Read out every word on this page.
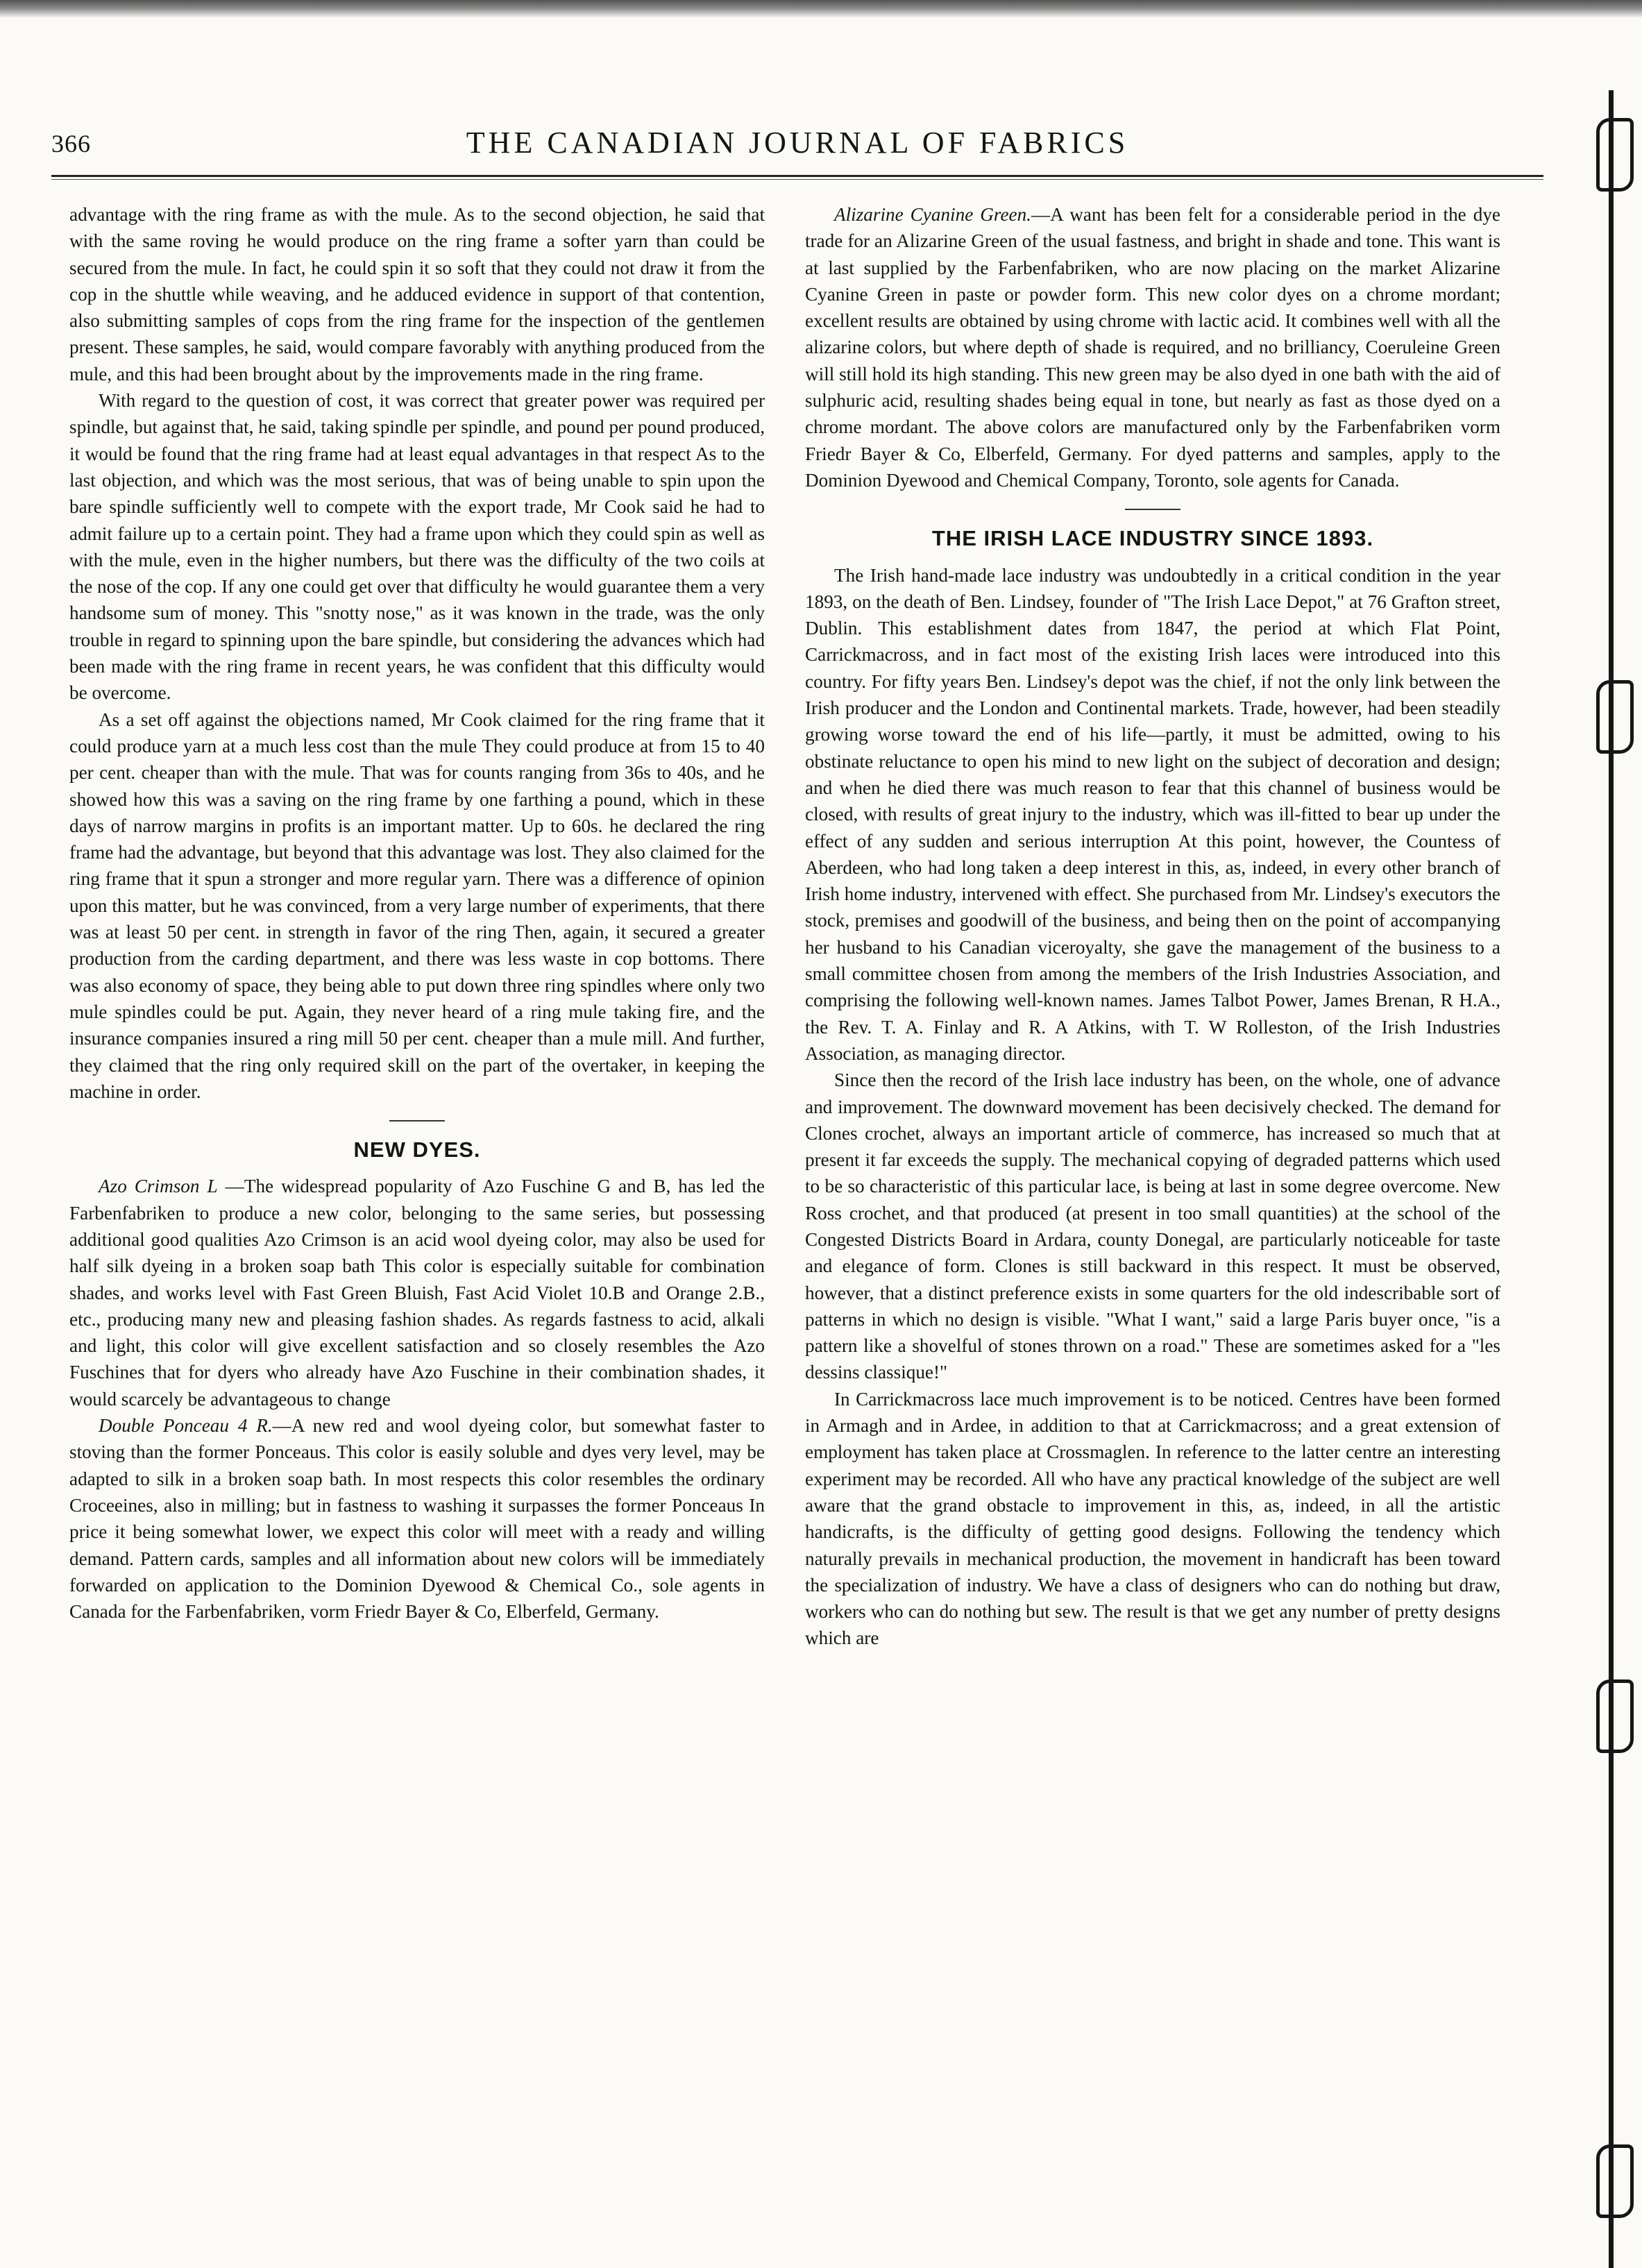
366	THE CANADIAN JOURNAL OF FABRICS

advantage with the ring frame as with the mule. As to the second objection, he said that with the same roving he would produce on the ring frame a softer yarn than could be secured from the mule. In fact, he could spin it so soft that they could not draw it from the cop in the shuttle while weaving, and he adduced evidence in support of that contention, also submitting samples of cops from the ring frame for the inspection of the gentlemen present. These samples, he said, would compare favorably with anything produced from the mule, and this had been brought about by the improvements made in the ring frame.

With regard to the question of cost, it was correct that greater power was required per spindle, but against that, he said, taking spindle per spindle, and pound per pound produced, it would be found that the ring frame had at least equal advantages in that respect As to the last objection, and which was the most serious, that was of being unable to spin upon the bare spindle sufficiently well to compete with the export trade, Mr Cook said he had to admit failure up to a certain point. They had a frame upon which they could spin as well as with the mule, even in the higher numbers, but there was the difficulty of the two coils at the nose of the cop. If any one could get over that difficulty he would guarantee them a very handsome sum of money. This "snotty nose," as it was known in the trade, was the only trouble in regard to spinning upon the bare spindle, but considering the advances which had been made with the ring frame in recent years, he was confident that this difficulty would be overcome.

As a set off against the objections named, Mr Cook claimed for the ring frame that it could produce yarn at a much less cost than the mule They could produce at from 15 to 40 per cent. cheaper than with the mule. That was for counts ranging from 36s to 40s, and he showed how this was a saving on the ring frame by one farthing a pound, which in these days of narrow margins in profits is an important matter. Up to 60s. he declared the ring frame had the advantage, but beyond that this advantage was lost. They also claimed for the ring frame that it spun a stronger and more regular yarn. There was a difference of opinion upon this matter, but he was convinced, from a very large number of experiments, that there was at least 50 per cent. in strength in favor of the ring Then, again, it secured a greater production from the carding department, and there was less waste in cop bottoms. There was also economy of space, they being able to put down three ring spindles where only two mule spindles could be put. Again, they never heard of a ring mule taking fire, and the insurance companies insured a ring mill 50 per cent. cheaper than a mule mill. And further, they claimed that the ring only required skill on the part of the overtaker, in keeping the machine in order.

NEW DYES.

Azo Crimson L —The widespread popularity of Azo Fuschine G and B, has led the Farbenfabriken to produce a new color, belonging to the same series, but possessing additional good qualities Azo Crimson is an acid wool dyeing color, may also be used for half silk dyeing in a broken soap bath This color is especially suitable for combination shades, and works level with Fast Green Bluish, Fast Acid Violet 10.B and Orange 2.B., etc., producing many new and pleasing fashion shades. As regards fastness to acid, alkali and light, this color will give excellent satisfaction and so closely resembles the Azo Fuschines that for dyers who already have Azo Fuschine in their combination shades, it would scarcely be advantageous to change

Double Ponceau 4 R.—A new red and wool dyeing color, but somewhat faster to stoving than the former Ponceaus. This color is easily soluble and dyes very level, may be adapted to silk in a broken soap bath. In most respects this color resembles the ordinary Croceeines, also in milling; but in fastness to washing it surpasses the former Ponceaus In price it being somewhat lower, we expect this color will meet with a ready and willing demand. Pattern cards, samples and all information about new colors will be immediately forwarded on application to the Dominion Dyewood & Chemical Co., sole agents in Canada for the Farbenfabriken, vorm Friedr Bayer & Co, Elberfeld, Germany.

Alizarine Cyanine Green.—A want has been felt for a considerable period in the dye trade for an Alizarine Green of the usual fastness, and bright in shade and tone. This want is at last supplied by the Farbenfabriken, who are now placing on the market Alizarine Cyanine Green in paste or powder form. This new color dyes on a chrome mordant; excellent results are obtained by using chrome with lactic acid. It combines well with all the alizarine colors, but where depth of shade is required, and no brilliancy, Coeruleine Green will still hold its high standing. This new green may be also dyed in one bath with the aid of sulphuric acid, resulting shades being equal in tone, but nearly as fast as those dyed on a chrome mordant. The above colors are manufactured only by the Farbenfabriken vorm Friedr Bayer & Co, Elberfeld, Germany. For dyed patterns and samples, apply to the Dominion Dyewood and Chemical Company, Toronto, sole agents for Canada.

THE IRISH LACE INDUSTRY SINCE 1893.

The Irish hand-made lace industry was undoubtedly in a critical condition in the year 1893, on the death of Ben. Lindsey, founder of "The Irish Lace Depot," at 76 Grafton street, Dublin. This establishment dates from 1847, the period at which Flat Point, Carrickmacross, and in fact most of the existing Irish laces were introduced into this country. For fifty years Ben. Lindsey's depot was the chief, if not the only link between the Irish producer and the London and Continental markets. Trade, however, had been steadily growing worse toward the end of his life—partly, it must be admitted, owing to his obstinate reluctance to open his mind to new light on the subject of decoration and design; and when he died there was much reason to fear that this channel of business would be closed, with results of great injury to the industry, which was ill-fitted to bear up under the effect of any sudden and serious interruption At this point, however, the Countess of Aberdeen, who had long taken a deep interest in this, as, indeed, in every other branch of Irish home industry, intervened with effect. She purchased from Mr. Lindsey's executors the stock, premises and goodwill of the business, and being then on the point of accompanying her husband to his Canadian viceroyalty, she gave the management of the business to a small committee chosen from among the members of the Irish Industries Association, and comprising the following well-known names. James Talbot Power, James Brenan, R H.A., the Rev. T. A. Finlay and R. A Atkins, with T. W Rolleston, of the Irish Industries Association, as managing director.

Since then the record of the Irish lace industry has been, on the whole, one of advance and improvement. The downward movement has been decisively checked. The demand for Clones crochet, always an important article of commerce, has increased so much that at present it far exceeds the supply. The mechanical copying of degraded patterns which used to be so characteristic of this particular lace, is being at last in some degree overcome. New Ross crochet, and that produced (at present in too small quantities) at the school of the Congested Districts Board in Ardara, county Donegal, are particularly noticeable for taste and elegance of form. Clones is still backward in this respect. It must be observed, however, that a distinct preference exists in some quarters for the old indescribable sort of patterns in which no design is visible. "What I want," said a large Paris buyer once, "is a pattern like a shovelful of stones thrown on a road." These are sometimes asked for a "les dessins classique!"

In Carrickmacross lace much improvement is to be noticed. Centres have been formed in Armagh and in Ardee, in addition to that at Carrickmacross; and a great extension of employment has taken place at Crossmaglen. In reference to the latter centre an interesting experiment may be recorded. All who have any practical knowledge of the subject are well aware that the grand obstacle to improvement in this, as, indeed, in all the artistic handicrafts, is the difficulty of getting good designs. Following the tendency which naturally prevails in mechanical production, the movement in handicraft has been toward the specialization of industry. We have a class of designers who can do nothing but draw, workers who can do nothing but sew. The result is that we get any number of pretty designs which are
